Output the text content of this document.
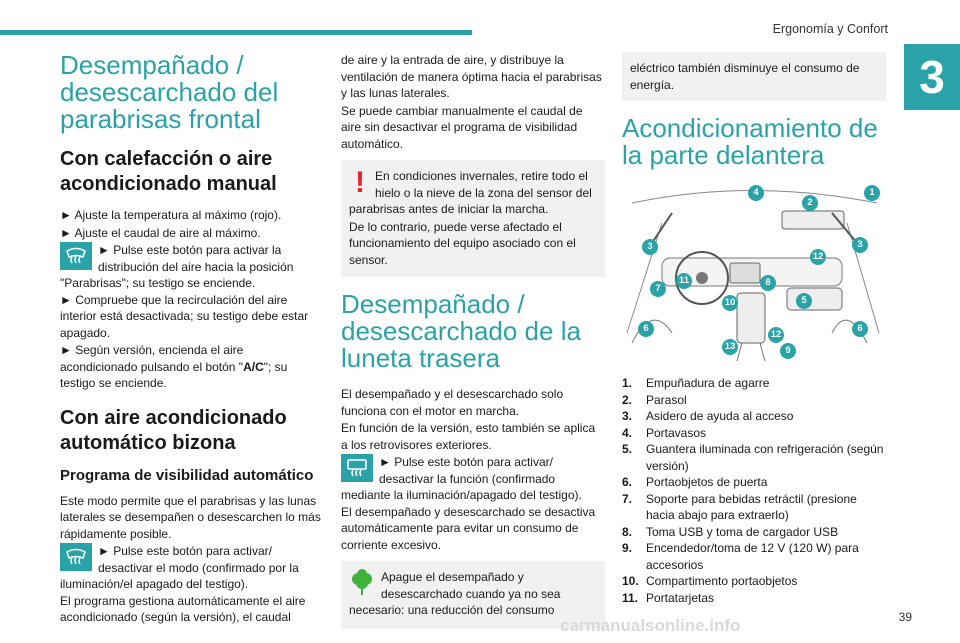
Ergonomía y Confort
3
Desempañado / desescarchado del parabrisas frontal
Con calefacción o aire acondicionado manual

► Ajuste la temperatura al máximo (rojo).

► Ajuste el caudal de aire al máximo.

► Pulse este botón para activar la distribución del aire hacia la posición "Parabrisas"; su testigo se enciende.

► Compruebe que la recirculación del aire interior está desactivada; su testigo debe estar apagado.

► Según versión, encienda el aire acondicionado pulsando el botón "A/C"; su testigo se enciende.

Con aire acondicionado automático bizona
Programa de visibilidad automático

Este modo permite que el parabrisas y las lunas laterales se desempañen o desescarchen lo más rápidamente posible.

► Pulse este botón para activar/ desactivar el modo (confirmado por la iluminación/el apagado del testigo).

El programa gestiona automáticamente el aire acondicionado (según la versión), el caudal

de aire y la entrada de aire, y distribuye la ventilación de manera óptima hacia el parabrisas y las lunas laterales.

Se puede cambiar manualmente el caudal de aire sin desactivar el programa de visibilidad automático.

! En condiciones invernales, retire todo el hielo o la nieve de la zona del sensor del parabrisas antes de iniciar la marcha.

De lo contrario, puede verse afectado el funcionamiento del equipo asociado con el sensor.

Desempañado / desescarchado de la luneta trasera

El desempañado y el desescarchado solo funciona con el motor en marcha.

En función de la versión, esto también se aplica a los retrovisores exteriores.

► Pulse este botón para activar/ desactivar la función (confirmado mediante la iluminación/apagado del testigo).

El desempañado y desescarchado se desactiva automáticamente para evitar un consumo de corriente excesivo.

Apague el desempañado y desescarchado cuando ya no sea necesario: una reducción del consumo
eléctrico también disminuye el consumo de energía.
Acondicionamiento de la parte delantera
1
2
3	3
4
5
6	6
7
8
9
10
11
12
12
13
1.	Empuñadura de agarre
2.	Parasol
3.	Asidero de ayuda al acceso
4.	Portavasos
5.	Guantera iluminada con refrigeración (según versión)
6.	Portaobjetos de puerta
7.	Soporte para bebidas retráctil (presione hacia abajo para extraerlo)
8.	Toma USB y toma de cargador USB
9.	Encendedor/toma de 12 V (120 W) para accesorios
10. Compartimento portaobjetos
11. Portatarjetas
carmanualsonline.info	39
